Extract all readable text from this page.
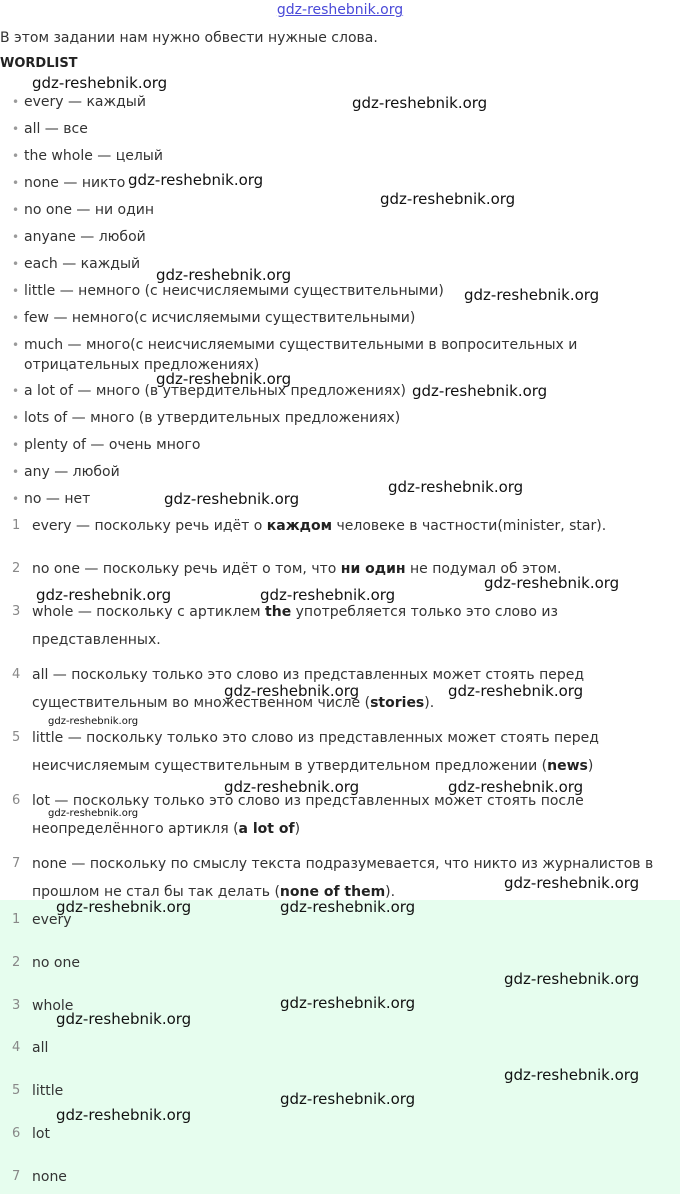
gdz-reshebnik.org
В этом задании нам нужно обвести нужные слова.
WORDLIST
• every — каждый
• all — все
• the whole — целый
• none — никто
• no one — ни один
• anyane — любой
• each — каждый
• little — немного (с неисчисляемыми существительными)
• few — немного(с исчисляемыми существительными)
• much — много(с неисчисляемыми существительными в вопросительных и отрицательных предложениях)
• a lot of — много (в утвердительных предложениях)
• lots of — много (в утвердительных предложениях)
• plenty of — очень много
• any — любой
• no — нет
1 every — поскольку речь идёт о каждом человеке в частности(minister, star).
2 no one — поскольку речь идёт о том, что ни один не подумал об этом.
3 whole — поскольку с артиклем the употребляется только это слово из представленных.
4 all — поскольку только это слово из представленных может стоять перед существительным во множественном числе (stories).
5 little — поскольку только это слово из представленных может стоять перед неисчисляемым существительным в утвердительном предложении (news)
6 lot — поскольку только это слово из представленных может стоять после неопределённого артикля (a lot of)
7 none — поскольку по смыслу текста подразумевается, что никто из журналистов в прошлом не стал бы так делать (none of them).
1 every
2 no one
3 whole
4 all
5 little
6 lot
7 none
gdz-reshebnik.org
gdz-reshebnik.org
gdz-reshebnik.org
gdz-reshebnik.org
gdz-reshebnik.org
gdz-reshebnik.org
gdz-reshebnik.org
gdz-reshebnik.org
gdz-reshebnik.org
gdz-reshebnik.org
gdz-reshebnik.org
gdz-reshebnik.org	gdz-reshebnik.org
gdz-reshebnik.org	gdz-reshebnik.org
gdz-reshebnik.org
gdz-reshebnik.org	gdz-reshebnik.org
gdz-reshebnik.org
gdz-reshebnik.org
gdz-reshebnik.org	gdz-reshebnik.org
gdz-reshebnik.org
gdz-reshebnik.org
gdz-reshebnik.org
gdz-reshebnik.org
gdz-reshebnik.org
gdz-reshebnik.org
